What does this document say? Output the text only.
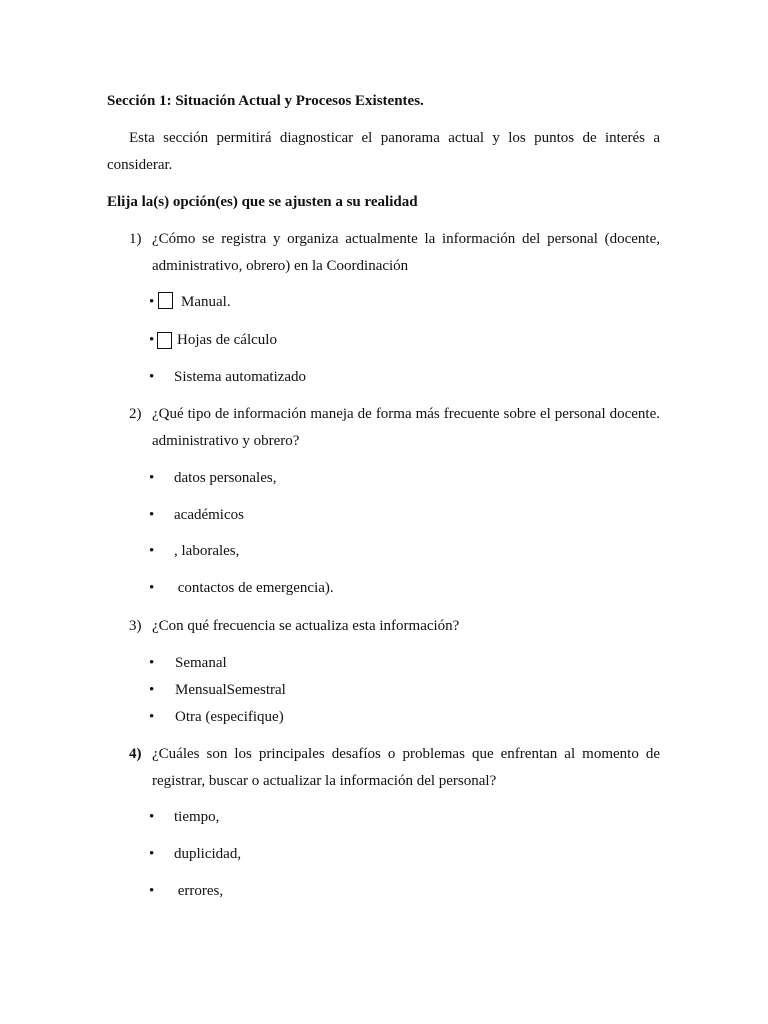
Sección 1: Situación Actual y Procesos Existentes.
Esta sección permitirá diagnosticar el panorama actual y los puntos de interés a
considerar.
Elija la(s) opción(es) que se ajusten a su realidad
1) ¿Cómo se registra y organiza actualmente la información del personal (docente,
administrativo, obrero) en la Coordinación
• Manual.
• Hojas de cálculo
• Sistema automatizado
2) ¿Qué tipo de información maneja de forma más frecuente sobre el personal docente.
administrativo y obrero?
• datos personales,
• académicos
• , laborales,
• contactos de emergencia).
3) ¿Con qué frecuencia se actualiza esta información?
• Semanal
• MensualSemestral
• Otra (especifique)
4) ¿Cuáles son los principales desafíos o problemas que enfrentan al momento de
registrar, buscar o actualizar la información del personal?
• tiempo,
• duplicidad,
• errores,
